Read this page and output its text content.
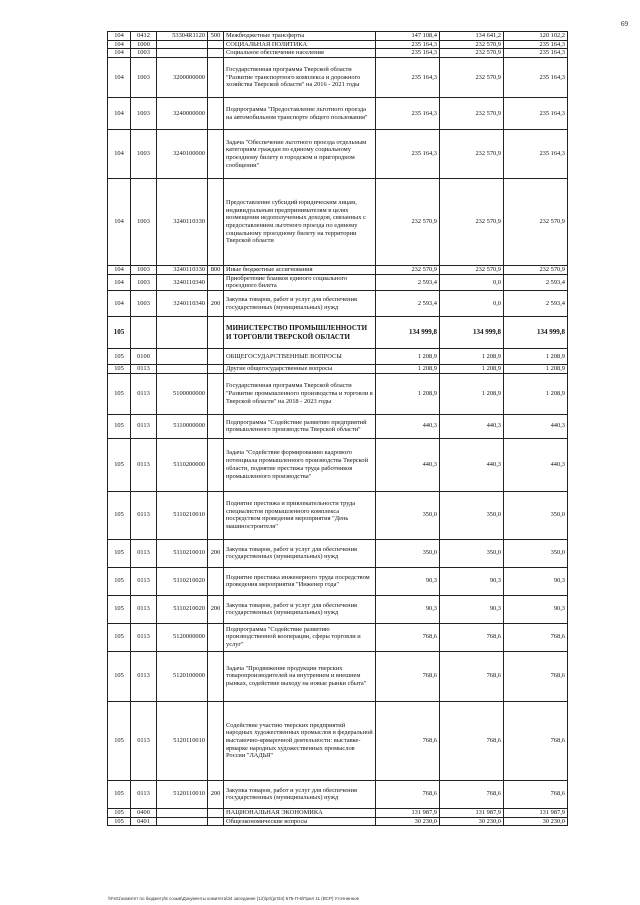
69
104	0412	53304R1120	500	Межбюджетные трансферты	147 108,4	134 641,2	120 102,2
104	1000			СОЦИАЛЬНАЯ ПОЛИТИКА	235 164,3	232 570,9	235 164,3
104	1003			Социальное обеспечение населения	235 164,3	232 570,9	235 164,3
104	1003	3200000000		Государственная программа Тверской области "Развитие транспортного комплекса и дорожного хозяйства Тверской области" на 2016 - 2021 годы	235 164,3	232 570,9	235 164,3
104	1003	3240000000		Подпрограмма "Предоставление льготного проезда на автомобильном транспорте общего пользования"	235 164,3	232 570,9	235 164,3
104	1003	3240100000		Задача "Обеспечение льготного проезда отдельным категориям граждан по единому социальному проездному билету в городском и пригородном сообщении"	235 164,3	232 570,9	235 164,3
104	1003	3240110330		Предоставление субсидий юридическим лицам, индивидуальным предпринимателям в целях возмещения недополученных доходов, связанных с предоставлением льготного проезда по единому социальному проездному билету на территории Тверской области	232 570,9	232 570,9	232 570,9
104	1003	3240110330	800	Иные бюджетные ассигнования	232 570,9	232 570,9	232 570,9
104	1003	3240110340		Приобретение бланков единого социального проездного билета	2 593,4	0,0	2 593,4
104	1003	3240110340	200	Закупка товаров, работ и услуг для обеспечения государственных (муниципальных) нужд	2 593,4	0,0	2 593,4
105				МИНИСТЕРСТВО ПРОМЫШЛЕННОСТИ И ТОРГОВЛИ ТВЕРСКОЙ ОБЛАСТИ	134 999,8	134 999,8	134 999,8
105	0100			ОБЩЕГОСУДАРСТВЕННЫЕ ВОПРОСЫ	1 208,9	1 208,9	1 208,9
105	0113			Другие общегосударственные вопросы	1 208,9	1 208,9	1 208,9
105	0113	5100000000		Государственная программа Тверской области "Развитие промышленного производства и торговли в Тверской области" на 2018 - 2023 годы	1 208,9	1 208,9	1 208,9
105	0113	5110000000		Подпрограмма "Содействие развитию предприятий промышленного производства Тверской области"	440,3	440,3	440,3
105	0113	5110200000		Задача "Содействие формированию кадрового потенциала промышленного производства Тверской области, поднятие престижа труда работников промышленного производства"	440,3	440,3	440,3
105	0113	5110210010		Поднятие престижа и привлекательности труда специалистов промышленного комплекса посредством проведения мероприятия "День машиностроителя"	350,0	350,0	350,0
105	0113	5110210010	200	Закупка товаров, работ и услуг для обеспечения государственных (муниципальных) нужд	350,0	350,0	350,0
105	0113	5110210020		Поднятие престижа инженерного труда посредством проведения мероприятия "Инженер года"	90,3	90,3	90,3
105	0113	5110210020	200	Закупка товаров, работ и услуг для обеспечения государственных (муниципальных) нужд	90,3	90,3	90,3
105	0113	5120000000		Подпрограмма "Содействие развитию производственной кооперации, сферы торговли и услуг"	768,6	768,6	768,6
105	0113	5120100000		Задача "Продвижение продукции тверских товаропроизводителей на внутреннем и внешнем рынках, содействие выходу на новые рынки сбыта"	768,6	768,6	768,6
105	0113	5120110010		Содействие участию тверских предприятий народных художественных промыслов в федеральной выставочно-ярмарочной деятельности: выставке-ярмарке народных художественных промыслов России "ЛАДЬЯ"	768,6	768,6	768,6
105	0113	5120110010	200	Закупка товаров, работ и услуг для обеспечения государственных (муниципальных) нужд	768,6	768,6	768,6
105	0400			НАЦИОНАЛЬНАЯ ЭКОНОМИКА	131 987,9	131 987,9	131 987,9
105	0401			Общеэкономические вопросы	30 230,0	30 230,0	30 230,0
\\Fs01\комитет по бюджету\6 созыв\Документы комитета\34 заседание (12)\pr\(prt34) 675-П-6\Прил 11 (ВСР) Уточненное
